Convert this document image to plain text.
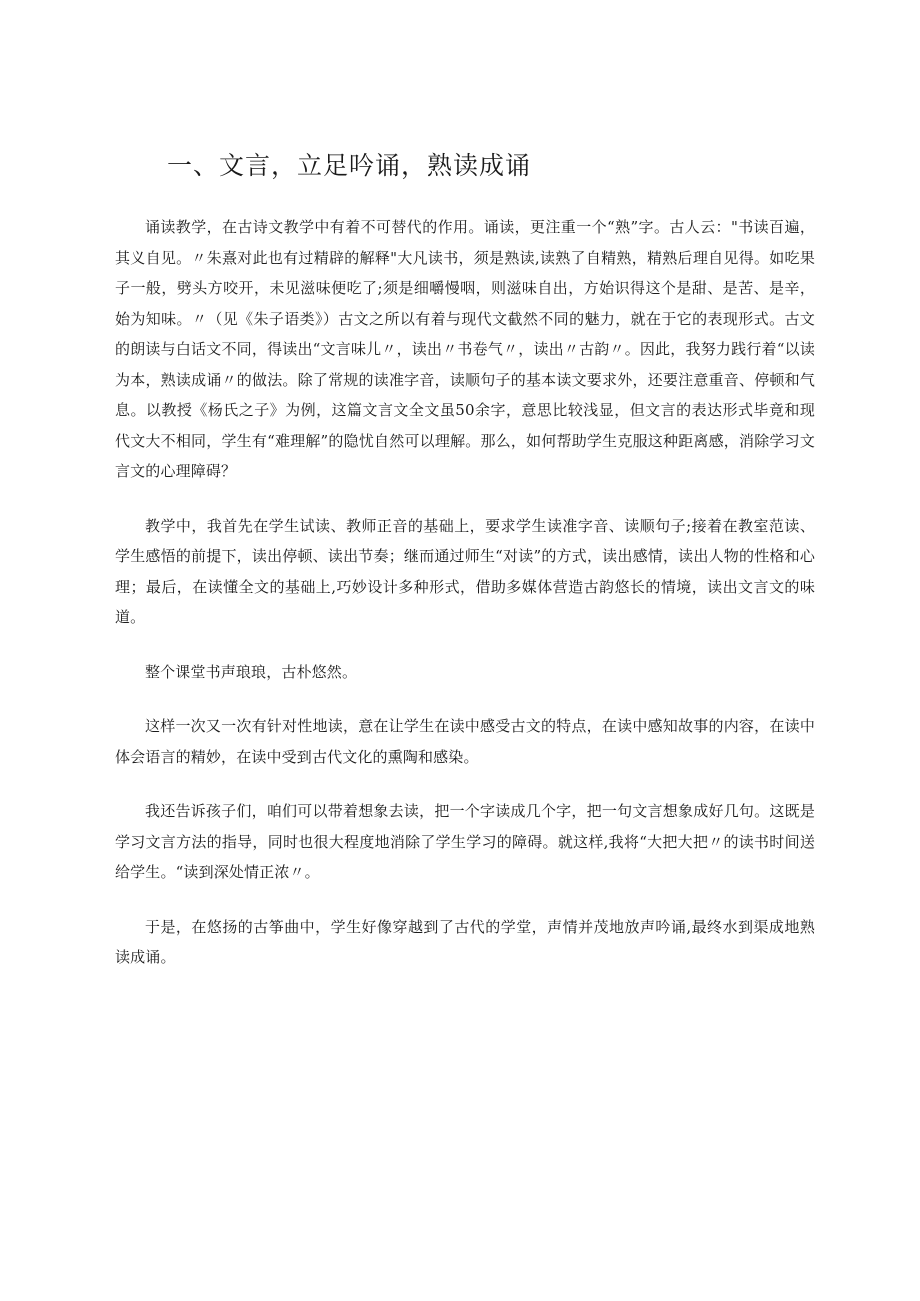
一、文言，立足吟诵，熟读成诵

诵读教学，在古诗文教学中有着不可替代的作用。诵读，更注重一个“熟”字。古人云："书读百遍，其义自见。〃朱熹对此也有过精辟的解释"大凡读书，须是熟读,读熟了自精熟，精熟后理自见得。如吃果子一般，劈头方咬开，未见滋味便吃了;须是细嚼慢咽，则滋味自出，方始识得这个是甜、是苦、是辛，始为知味。〃（见《朱子语类》）古文之所以有着与现代文截然不同的魅力，就在于它的表现形式。古文的朗读与白话文不同，得读出“文言味儿〃，读出〃书卷气〃，读出〃古韵〃。因此，我努力践行着“以读为本，熟读成诵〃的做法。除了常规的读准字音，读顺句子的基本读文要求外，还要注意重音、停顿和气息。以教授《杨氏之子》为例，这篇文言文全文虽50余字，意思比较浅显，但文言的表达形式毕竟和现代文大不相同，学生有“难理解”的隐忧自然可以理解。那么，如何帮助学生克服这种距离感，消除学习文言文的心理障碍？

教学中，我首先在学生试读、教师正音的基础上，要求学生读准字音、读顺句子;接着在教室范读、学生感悟的前提下，读出停顿、读出节奏；继而通过师生“对读”的方式，读出感情，读出人物的性格和心理；最后，在读懂全文的基础上,巧妙设计多种形式，借助多媒体营造古韵悠长的情境，读出文言文的味道。

整个课堂书声琅琅，古朴悠然。

这样一次又一次有针对性地读，意在让学生在读中感受古文的特点，在读中感知故事的内容，在读中体会语言的精妙，在读中受到古代文化的熏陶和感染。

我还告诉孩子们，咱们可以带着想象去读，把一个字读成几个字，把一句文言想象成好几句。这既是学习文言方法的指导，同时也很大程度地消除了学生学习的障碍。就这样,我将“大把大把〃的读书时间送给学生。“读到深处情正浓〃。

于是，在悠扬的古筝曲中，学生好像穿越到了古代的学堂，声情并茂地放声吟诵,最终水到渠成地熟读成诵。
